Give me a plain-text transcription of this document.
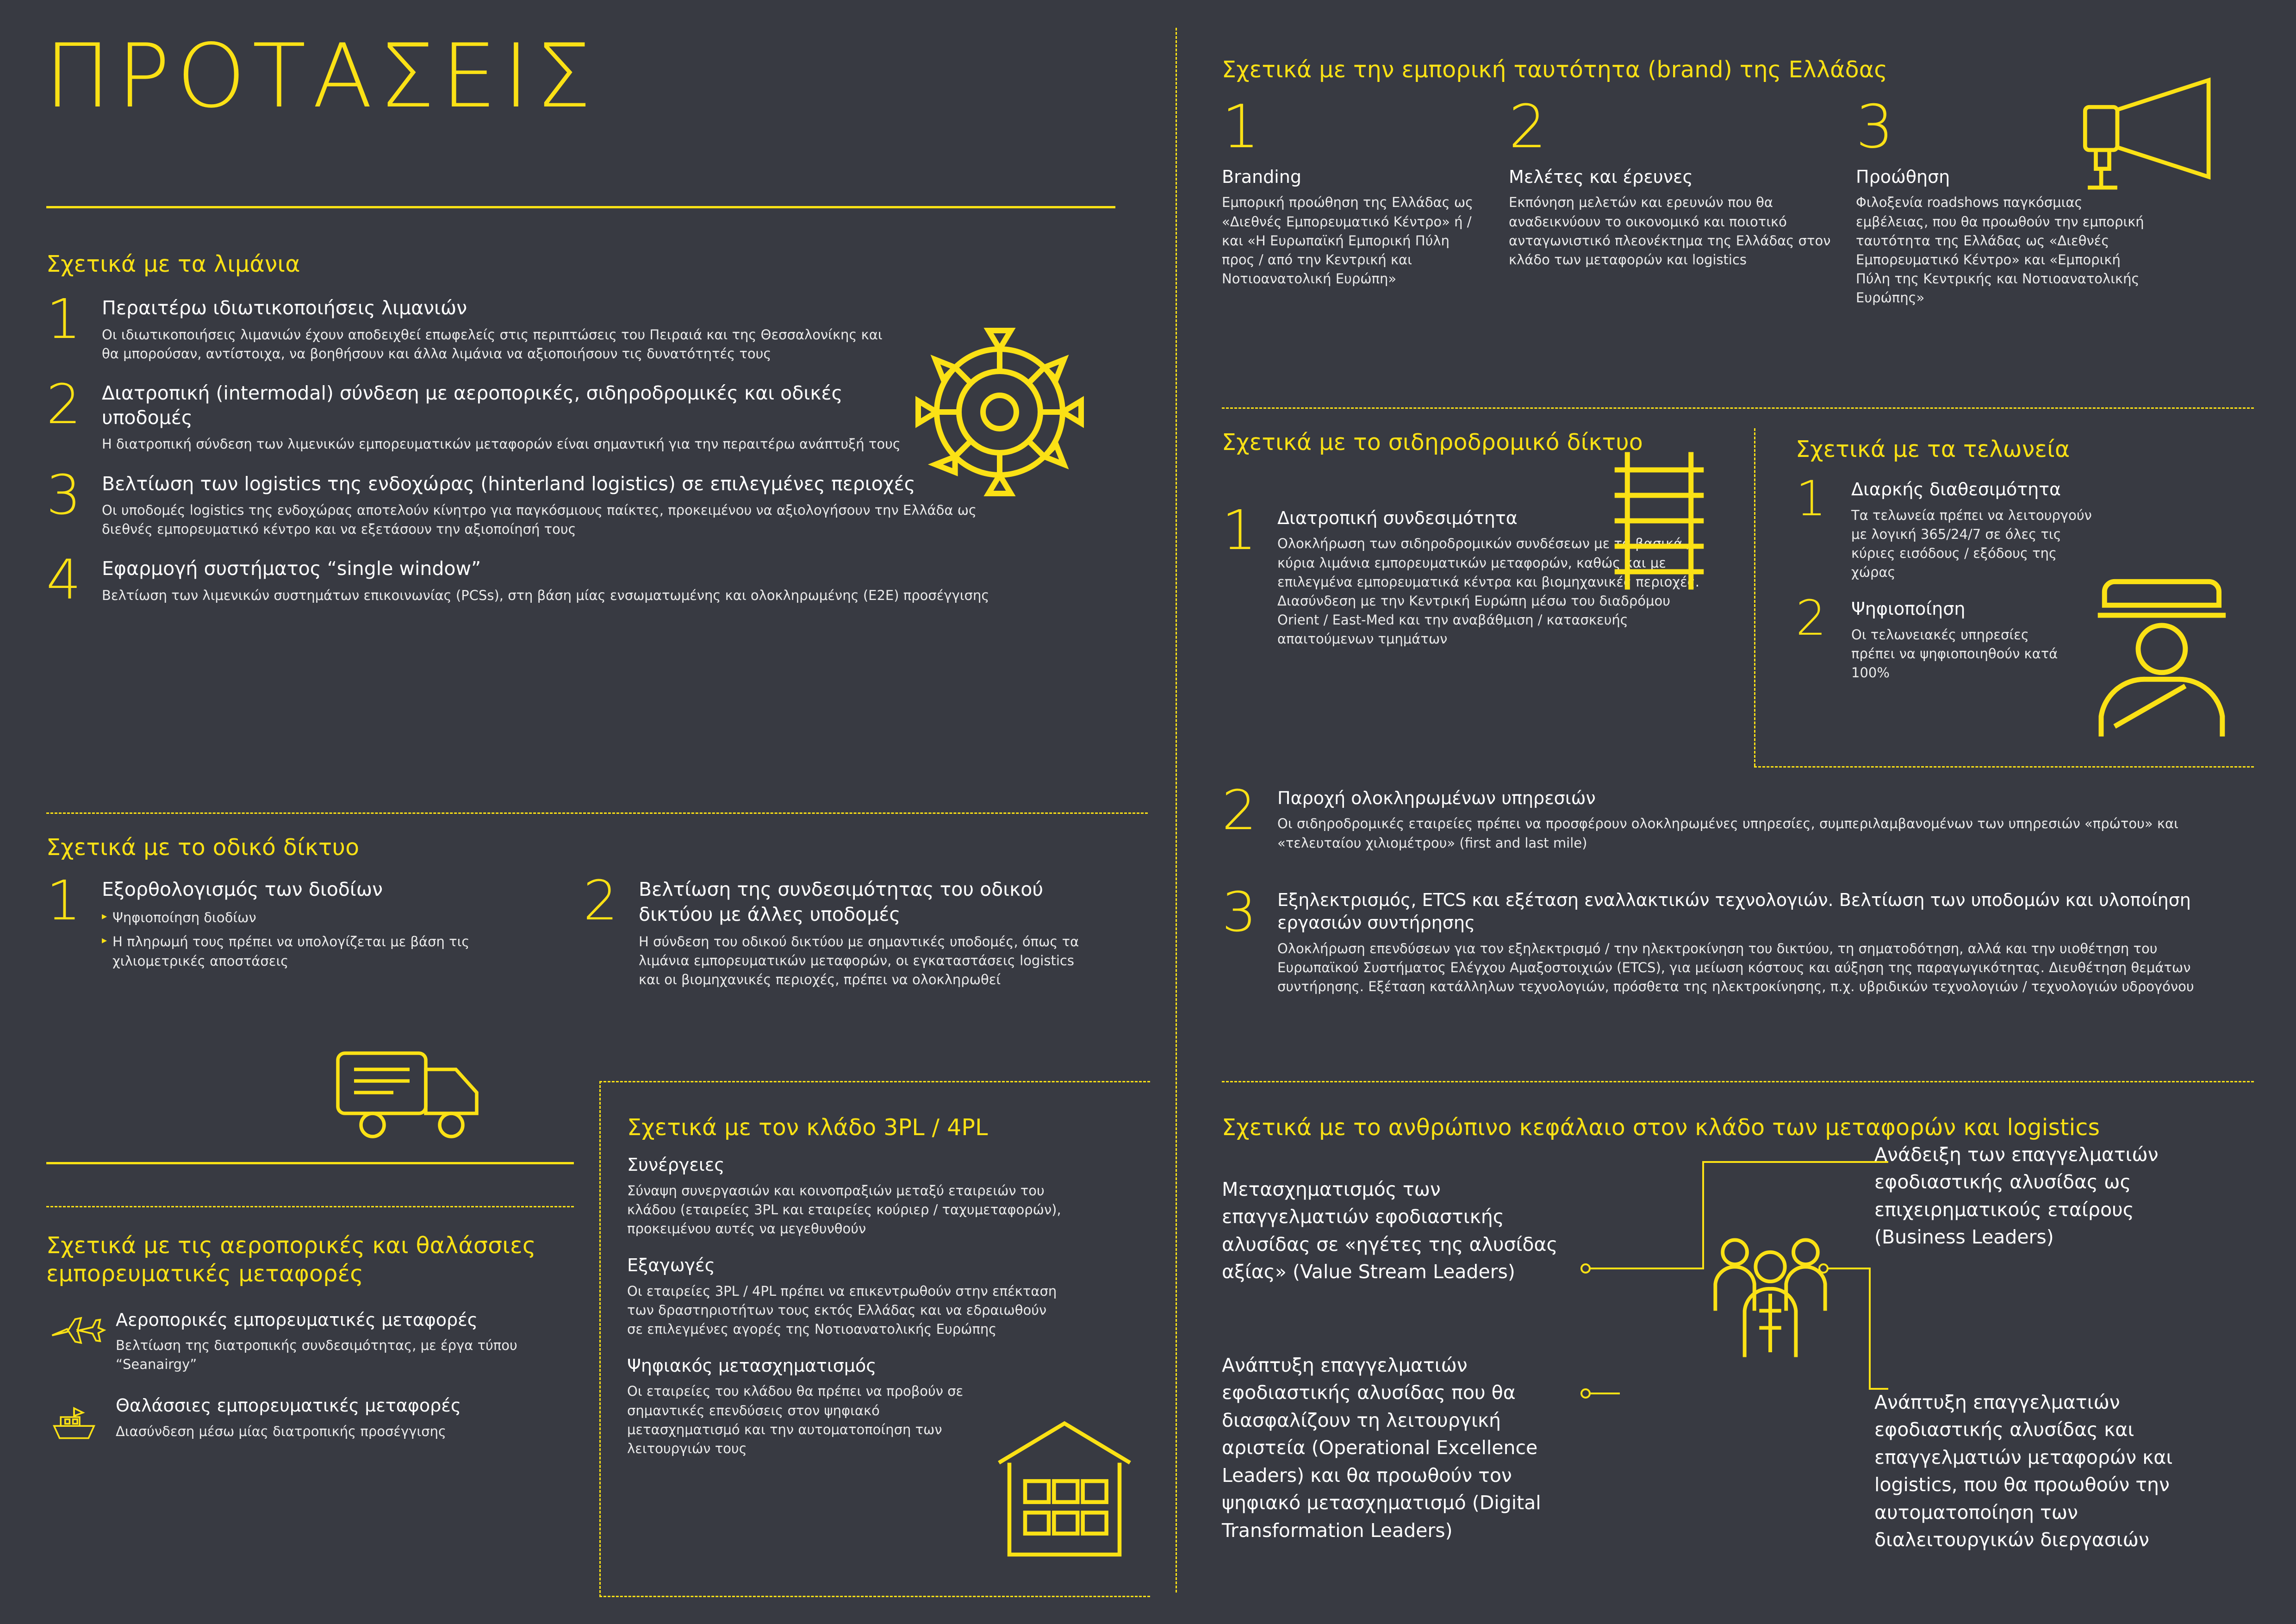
ΠΡΟΤΑΣΕΙΣ
Σχετικά με τα λιμάνια
1	Περαιτέρω ιδιωτικοποιήσεις λιμανιών
Οι ιδιωτικοποιήσεις λιμανιών έχουν αποδειχθεί επωφελείς στις περιπτώσεις του Πειραιά και της Θεσσαλονίκης και θα μπορούσαν, αντίστοιχα, να βοηθήσουν και άλλα λιμάνια να αξιοποιήσουν τις δυνατότητές τους
2	Διατροπική (intermodal) σύνδεση με αεροπορικές, σιδηροδρομικές και οδικές υποδομές
Η διατροπική σύνδεση των λιμενικών εμπορευματικών μεταφορών είναι σημαντική για την περαιτέρω ανάπτυξή τους
3	Βελτίωση των logistics της ενδοχώρας (hinterland logistics) σε επιλεγμένες περιοχές
Οι υποδομές logistics της ενδοχώρας αποτελούν κίνητρο για παγκόσμιους παίκτες, προκειμένου να αξιολογήσουν την Ελλάδα ως διεθνές εμπορευματικό κέντρο και να εξετάσουν την αξιοποίησή τους
4	Εφαρμογή συστήματος “single window”
Βελτίωση των λιμενικών συστημάτων επικοινωνίας (PCSs), στη βάση μίας ενσωματωμένης και ολοκληρωμένης (E2E) προσέγγισης
Σχετικά με το οδικό δίκτυο
1	Εξορθολογισμός των διοδίων
▸ Ψηφιοποίηση διοδίων
▸ Η πληρωμή τους πρέπει να υπολογίζεται με βάση τις χιλιομετρικές αποστάσεις
2	Βελτίωση της συνδεσιμότητας του οδικού δικτύου με άλλες υποδομές
Η σύνδεση του οδικού δικτύου με σημαντικές υποδομές, όπως τα λιμάνια εμπορευματικών μεταφορών, οι εγκαταστάσεις logistics και οι βιομηχανικές περιοχές, πρέπει να ολοκληρωθεί
Σχετικά με τις αεροπορικές και θαλάσσιες εμπορευματικές μεταφορές
Αεροπορικές εμπορευματικές μεταφορές
Βελτίωση της διατροπικής συνδεσιμότητας, με έργα τύπου “Seanairgy”
Θαλάσσιες εμπορευματικές μεταφορές
Διασύνδεση μέσω μίας διατροπικής προσέγγισης
Σχετικά με τον κλάδο 3PL / 4PL
Συνέργειες
Σύναψη συνεργασιών και κοινοπραξιών μεταξύ εταιρειών του κλάδου (εταιρείες 3PL και εταιρείες κούριερ / ταχυμεταφορών), προκειμένου αυτές να μεγεθυνθούν
Εξαγωγές
Οι εταιρείες 3PL / 4PL πρέπει να επικεντρωθούν στην επέκταση των δραστηριοτήτων τους εκτός Ελλάδας και να εδραιωθούν σε επιλεγμένες αγορές της Νοτιοανατολικής Ευρώπης
Ψηφιακός μετασχηματισμός
Οι εταιρείες του κλάδου θα πρέπει να προβούν σε σημαντικές επενδύσεις στον ψηφιακό μετασχηματισμό και την αυτοματοποίηση των λειτουργιών τους
Σχετικά με την εμπορική ταυτότητα (brand) της Ελλάδας
1
Branding
Εμπορική προώθηση της Ελλάδας ως «Διεθνές Εμπορευματικό Κέντρο» ή / και «Η Ευρωπαϊκή Εμπορική Πύλη προς / από την Κεντρική και Νοτιοανατολική Ευρώπη»
2
Μελέτες και έρευνες
Εκπόνηση μελετών και ερευνών που θα αναδεικνύουν το οικονομικό και ποιοτικό ανταγωνιστικό πλεονέκτημα της Ελλάδας στον κλάδο των μεταφορών και logistics
3
Προώθηση
Φιλοξενία roadshows παγκόσμιας εμβέλειας, που θα προωθούν την εμπορική ταυτότητα της Ελλάδας ως «Διεθνές Εμπορευματικό Κέντρο» και «Εμπορική Πύλη της Κεντρικής και Νοτιοανατολικής Ευρώπης»
Σχετικά με το σιδηροδρομικό δίκτυο
1	Διατροπική συνδεσιμότητα
Ολοκλήρωση των σιδηροδρομικών συνδέσεων με τα βασικά / κύρια λιμάνια εμπορευματικών μεταφορών, καθώς και με επιλεγμένα εμπορευματικά κέντρα και βιομηχανικές περιοχές. Διασύνδεση με την Κεντρική Ευρώπη μέσω του διαδρόμου Orient / East-Med και την αναβάθμιση / κατασκευής απαιτούμενων τμημάτων
Σχετικά με τα τελωνεία
1	Διαρκής διαθεσιμότητα
Τα τελωνεία πρέπει να λειτουργούν με λογική 365/24/7 σε όλες τις κύριες εισόδους / εξόδους της χώρας
2	Ψηφιοποίηση
Οι τελωνειακές υπηρεσίες πρέπει να ψηφιοποιηθούν κατά 100%
2	Παροχή ολοκληρωμένων υπηρεσιών
Οι σιδηροδρομικές εταιρείες πρέπει να προσφέρουν ολοκληρωμένες υπηρεσίες, συμπεριλαμβανομένων των υπηρεσιών «πρώτου» και «τελευταίου χιλιομέτρου» (first and last mile)
3	Εξηλεκτρισμός, ETCS και εξέταση εναλλακτικών τεχνολογιών. Βελτίωση των υποδομών και υλοποίηση εργασιών συντήρησης
Ολοκλήρωση επενδύσεων για τον εξηλεκτρισμό / την ηλεκτροκίνηση του δικτύου, τη σηματοδότηση, αλλά και την υιοθέτηση του Ευρωπαϊκού Συστήματος Ελέγχου Αμαξοστοιχιών (ETCS), για μείωση κόστους και αύξηση της παραγωγικότητας. Διευθέτηση θεμάτων συντήρησης. Εξέταση κατάλληλων τεχνολογιών, πρόσθετα της ηλεκτροκίνησης, π.χ. υβριδικών τεχνολογιών / τεχνολογιών υδρογόνου
Σχετικά με το ανθρώπινο κεφάλαιο στον κλάδο των μεταφορών και logistics
Μετασχηματισμός των επαγγελματιών εφοδιαστικής αλυσίδας σε «ηγέτες της αλυσίδας αξίας» (Value Stream Leaders)
Ανάπτυξη επαγγελματιών εφοδιαστικής αλυσίδας που θα διασφαλίζουν τη λειτουργική αριστεία (Operational Excellence Leaders) και θα προωθούν τον ψηφιακό μετασχηματισμό (Digital Transformation Leaders)
Ανάδειξη των επαγγελματιών εφοδιαστικής αλυσίδας ως επιχειρηματικούς εταίρους (Business Leaders)
Ανάπτυξη επαγγελματιών εφοδιαστικής αλυσίδας και επαγγελματιών μεταφορών και logistics, που θα προωθούν την αυτοματοποίηση των διαλειτουργικών διεργασιών
